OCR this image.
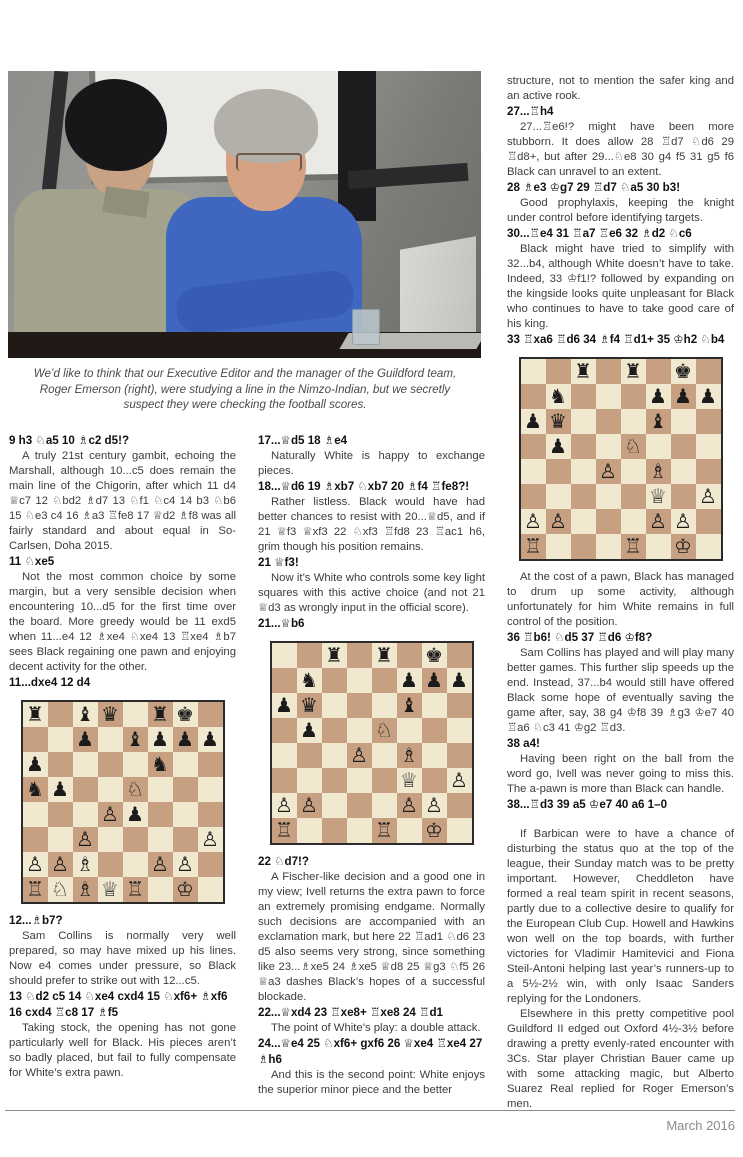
We’d like to think that our Executive Editor and the manager of the Guildford team, Roger Emerson (right), were studying a line in the Nimzo-Indian, but we secretly suspect they were checking the football scores.

9 h3 ♘a5 10 ♗c2 d5!?

A truly 21st century gambit, echoing the Marshall, although 10...c5 does remain the main line of the Chigorin, after which 11 d4 ♕c7 12 ♘bd2 ♗d7 13 ♘f1 ♘c4 14 b3 ♘b6 15 ♘e3 c4 16 ♗a3 ♖fe8 17 ♕d2 ♗f8 was all fairly standard and about equal in So-Carlsen, Doha 2015.

11 ♘xe5

Not the most common choice by some margin, but a very sensible decision when encountering 10...d5 for the first time over the board. More greedy would be 11 exd5 when 11...e4 12 ♗xe4 ♘xe4 13 ♖xe4 ♗b7 sees Black regaining one pawn and enjoying decent activity for the other.

11...dxe4 12 d4

♜ ♝ ♛ ♜ ♚
♟ ♝ ♟ ♟ ♟
♟	♞
♞ ♟	♘
♙ ♟
♙	♙
♙ ♙ ♗	♙ ♙
♖ ♘ ♗ ♕ ♖ ♔

12...♗b7?

Sam Collins is normally very well prepared, so may have mixed up his lines. Now e4 comes under pressure, so Black should prefer to strike out with 12...c5.

13 ♘d2 c5 14 ♘xe4 cxd4 15 ♘xf6+ ♗xf6 16 cxd4 ♖c8 17 ♗f5

Taking stock, the opening has not gone particularly well for Black. His pieces aren’t so badly placed, but fail to fully compensate for White’s extra pawn.

17...♕d5 18 ♗e4

Naturally White is happy to exchange pieces.

18...♕d6 19 ♗xb7 ♘xb7 20 ♗f4 ♖fe8?!

Rather listless. Black would have had better chances to resist with 20...♕d5, and if 21 ♕f3 ♕xf3 22 ♘xf3 ♖fd8 23 ♖ac1 h6, grim though his position remains.

21 ♕f3!

Now it’s White who controls some key light squares with this active choice (and not 21 ♕d3 as wrongly input in the official score).

21...♕b6

♜ ♜ ♚
♞	♟ ♟ ♟
♟ ♛	♝
♟	♘
♙ ♗
♕ ♙
♙ ♙	♙ ♙
♖	♖ ♔

22 ♘d7!?

A Fischer-like decision and a good one in my view; Ivell returns the extra pawn to force an extremely promising endgame. Normally such decisions are accompanied with an exclamation mark, but here 22 ♖ad1 ♘d6 23 d5 also seems very strong, since something like 23...♗xe5 24 ♗xe5 ♕d8 25 ♕g3 ♘f5 26 ♕a3 dashes Black’s hopes of a successful blockade.

22...♕xd4 23 ♖xe8+ ♖xe8 24 ♖d1

The point of White’s play: a double attack.

24...♕e4 25 ♘xf6+ gxf6 26 ♕xe4 ♖xe4 27 ♗h6

And this is the second point: White enjoys the superior minor piece and the better

structure, not to mention the safer king and an active rook.

27...♖h4

27...♖e6!? might have been more stubborn. It does allow 28 ♖d7 ♘d6 29 ♖d8+, but after 29...♘e8 30 g4 f5 31 g5 f6 Black can unravel to an extent.

28 ♗e3 ♔g7 29 ♖d7 ♘a5 30 b3!

Good prophylaxis, keeping the knight under control before identifying targets.

30...♖e4 31 ♖a7 ♖e6 32 ♗d2 ♘c6

Black might have tried to simplify with 32...b4, although White doesn’t have to take. Indeed, 33 ♔f1!? followed by expanding on the kingside looks quite unpleasant for Black who continues to have to take good care of his king.

33 ♖xa6 ♖d6 34 ♗f4 ♖d1+ 35 ♔h2 ♘b4

♜ ♜ ♚
♞	♟ ♟ ♟
♟ ♛	♝
♟	♘
♙ ♗
♕ ♙
♙ ♙	♙ ♙
♖	♖ ♔

At the cost of a pawn, Black has managed to drum up some activity, although unfortunately for him White remains in full control of the position.

36 ♖b6! ♘d5 37 ♖d6 ♔f8?

Sam Collins has played and will play many better games. This further slip speeds up the end. Instead, 37...b4 would still have offered Black some hope of eventually saving the game after, say, 38 g4 ♔f8 39 ♗g3 ♔e7 40 ♖a6 ♘c3 41 ♔g2 ♖d3.

38 a4!

Having been right on the ball from the word go, Ivell was never going to miss this. The a-pawn is more than Black can handle.

38...♖d3 39 a5 ♔e7 40 a6 1–0

If Barbican were to have a chance of disturbing the status quo at the top of the league, their Sunday match was to be pretty important. However, Cheddleton have formed a real team spirit in recent seasons, partly due to a collective desire to qualify for the European Club Cup. Howell and Hawkins won well on the top boards, with further victories for Vladimir Hamitevici and Fiona Steil-Antoni helping last year’s runners-up to a 5½-2½ win, with only Isaac Sanders replying for the Londoners.

Elsewhere in this pretty competitive pool Guildford II edged out Oxford 4½-3½ before drawing a pretty evenly-rated encounter with 3Cs. Star player Christian Bauer came up with some attacking magic, but Alberto Suarez Real replied for Roger Emerson’s men.

March 2016
